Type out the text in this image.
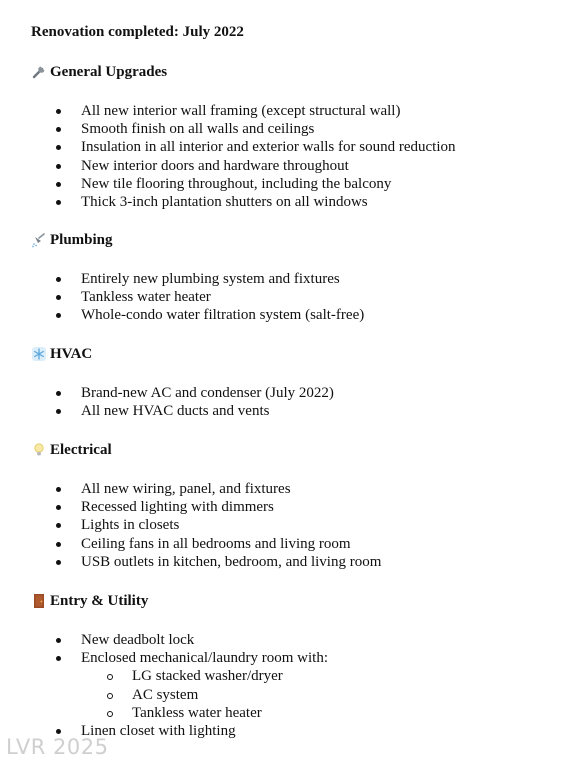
Renovation completed: July 2022
General Upgrades
All new interior wall framing (except structural wall)
Smooth finish on all walls and ceilings
Insulation in all interior and exterior walls for sound reduction
New interior doors and hardware throughout
New tile flooring throughout, including the balcony
Thick 3-inch plantation shutters on all windows
Plumbing
Entirely new plumbing system and fixtures
Tankless water heater
Whole-condo water filtration system (salt-free)
HVAC
Brand-new AC and condenser (July 2022)
All new HVAC ducts and vents
Electrical
All new wiring, panel, and fixtures
Recessed lighting with dimmers
Lights in closets
Ceiling fans in all bedrooms and living room
USB outlets in kitchen, bedroom, and living room
Entry & Utility
New deadbolt lock
Enclosed mechanical/laundry room with:
LG stacked washer/dryer
AC system
Tankless water heater
Linen closet with lighting
LVR 2025
